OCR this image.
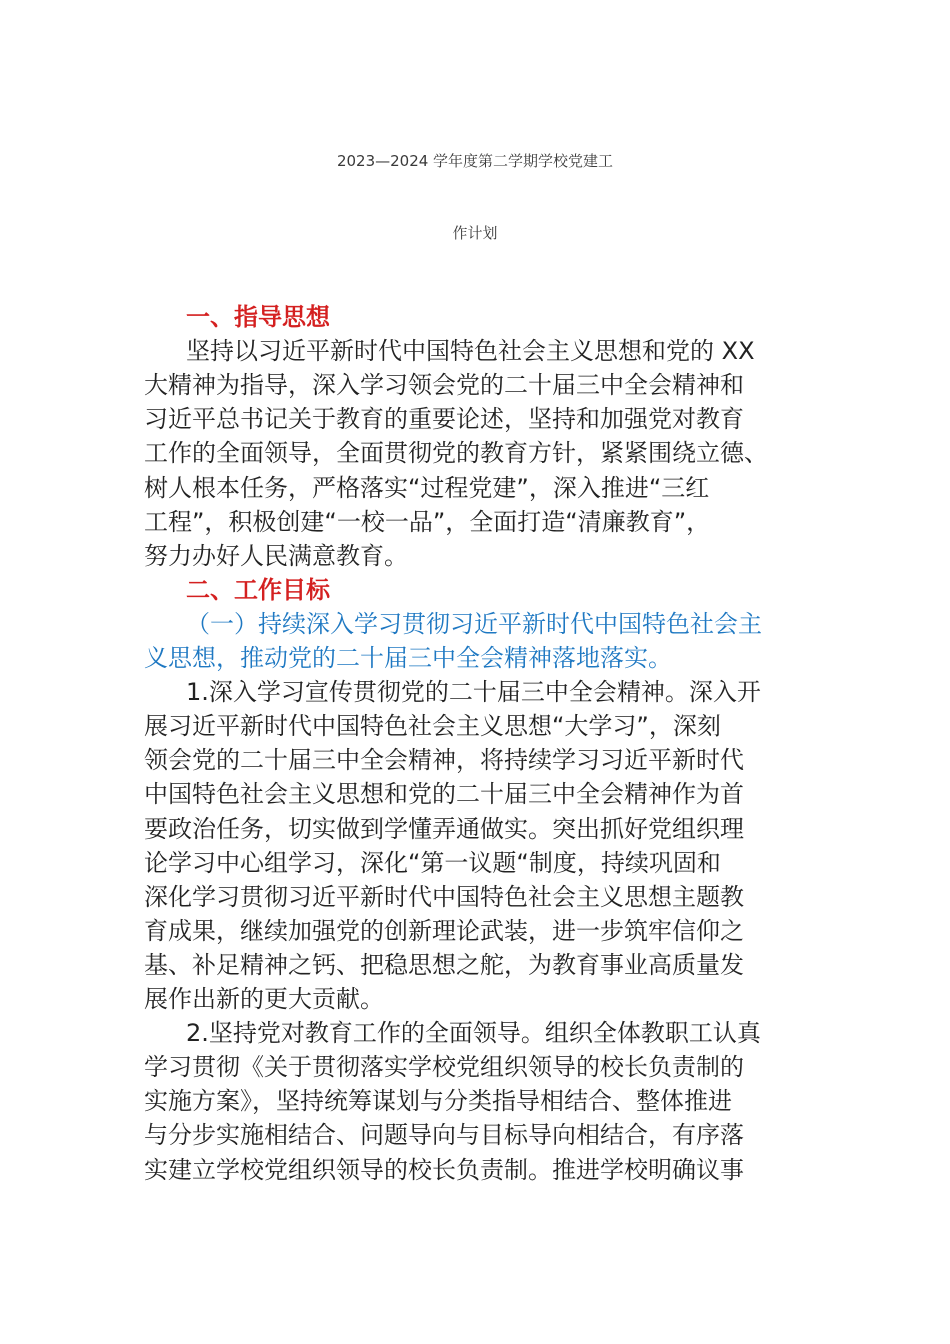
2023—2024 学年度第二学期学校党建工
作计划

一、指导思想

坚持以习近平新时代中国特色社会主义思想和党的 XX

大精神为指导，深入学习领会党的二十届三中全会精神和

习近平总书记关于教育的重要论述，坚持和加强党对教育

工作的全面领导，全面贯彻党的教育方针，紧紧围绕立德、

树人根本任务，严格落实“过程党建”，深入推进“三红

工程”，积极创建“一校一品”，全面打造“清廉教育”，

努力办好人民满意教育。

二、工作目标

（一）持续深入学习贯彻习近平新时代中国特色社会主

义思想，推动党的二十届三中全会精神落地落实。

1.深入学习宣传贯彻党的二十届三中全会精神。深入开

展习近平新时代中国特色社会主义思想“大学习”，深刻

领会党的二十届三中全会精神，将持续学习习近平新时代

中国特色社会主义思想和党的二十届三中全会精神作为首

要政治任务，切实做到学懂弄通做实。突出抓好党组织理

论学习中心组学习，深化“第一议题“制度，持续巩固和

深化学习贯彻习近平新时代中国特色社会主义思想主题教

育成果，继续加强党的创新理论武装，进一步筑牢信仰之

基、补足精神之钙、把稳思想之舵，为教育事业高质量发

展作出新的更大贡献。

2.坚持党对教育工作的全面领导。组织全体教职工认真

学习贯彻《关于贯彻落实学校党组织领导的校长负责制的

实施方案》，坚持统筹谋划与分类指导相结合、整体推进

与分步实施相结合、问题导向与目标导向相结合，有序落

实建立学校党组织领导的校长负责制。推进学校明确议事
